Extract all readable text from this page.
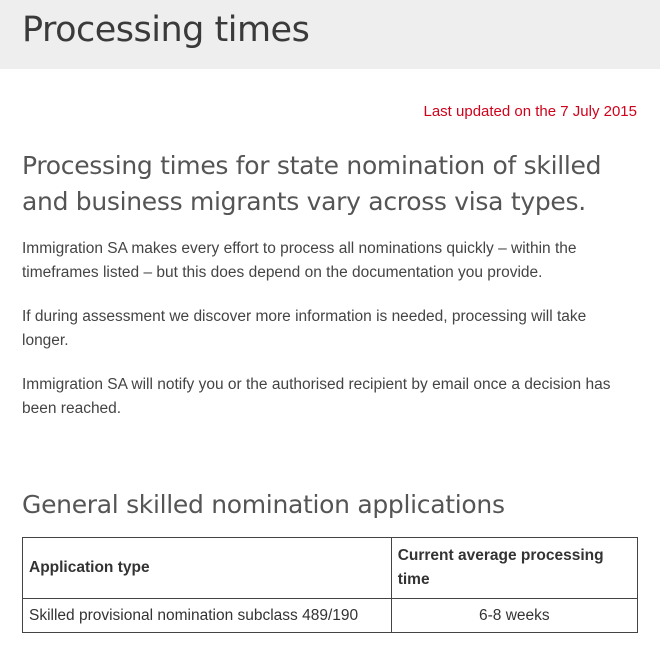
Processing times
Last updated on the 7 July 2015
Processing times for state nomination of skilled and business migrants vary across visa types.

Immigration SA makes every effort to process all nominations quickly – within the timeframes listed – but this does depend on the documentation you provide.

If during assessment we discover more information is needed, processing will take longer.

Immigration SA will notify you or the authorised recipient by email once a decision has been reached.

General skilled nomination applications
Application type	Current average processing time
Skilled provisional nomination subclass 489/190	6-8 weeks
